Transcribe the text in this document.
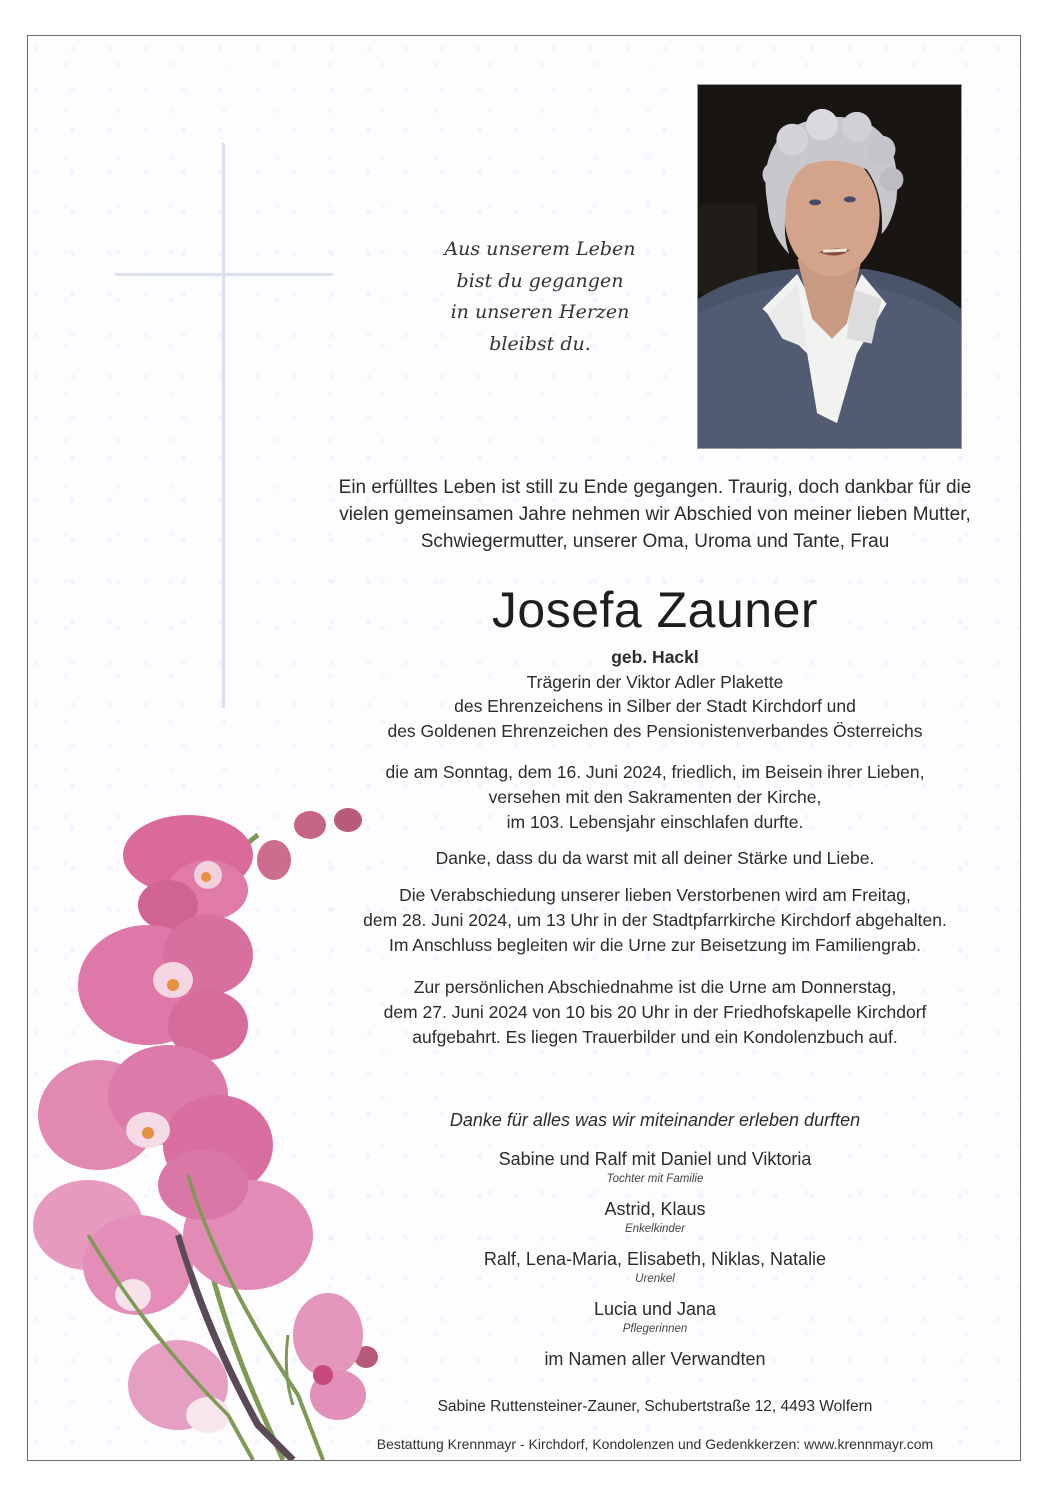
Aus unserem Leben
bist du gegangen
in unseren Herzen
bleibst du.
Ein erfülltes Leben ist still zu Ende gegangen. Traurig, doch dankbar für die
vielen gemeinsamen Jahre nehmen wir Abschied von meiner lieben Mutter,
Schwiegermutter, unserer Oma, Uroma und Tante, Frau
Josefa Zauner
geb. Hackl
Trägerin der Viktor Adler Plakette
des Ehrenzeichens in Silber der Stadt Kirchdorf und
des Goldenen Ehrenzeichen des Pensionistenverbandes Österreichs
die am Sonntag, dem 16. Juni 2024, friedlich, im Beisein ihrer Lieben,
versehen mit den Sakramenten der Kirche,
im 103. Lebensjahr einschlafen durfte.
Danke, dass du da warst mit all deiner Stärke und Liebe.
Die Verabschiedung unserer lieben Verstorbenen wird am Freitag,
dem 28. Juni 2024, um 13 Uhr in der Stadtpfarrkirche Kirchdorf abgehalten.
Im Anschluss begleiten wir die Urne zur Beisetzung im Familiengrab.
Zur persönlichen Abschiednahme ist die Urne am Donnerstag,
dem 27. Juni 2024 von 10 bis 20 Uhr in der Friedhofskapelle Kirchdorf
aufgebahrt. Es liegen Trauerbilder und ein Kondolenzbuch auf.
Danke für alles was wir miteinander erleben durften
Sabine und Ralf mit Daniel und Viktoria
Tochter mit Familie
Astrid, Klaus
Enkelkinder
Ralf, Lena-Maria, Elisabeth, Niklas, Natalie
Urenkel
Lucia und Jana
Pflegerinnen
im Namen aller Verwandten
Sabine Ruttensteiner-Zauner, Schubertstraße 12, 4493 Wolfern
Bestattung Krennmayr - Kirchdorf, Kondolenzen und Gedenkkerzen: www.krennmayr.com
